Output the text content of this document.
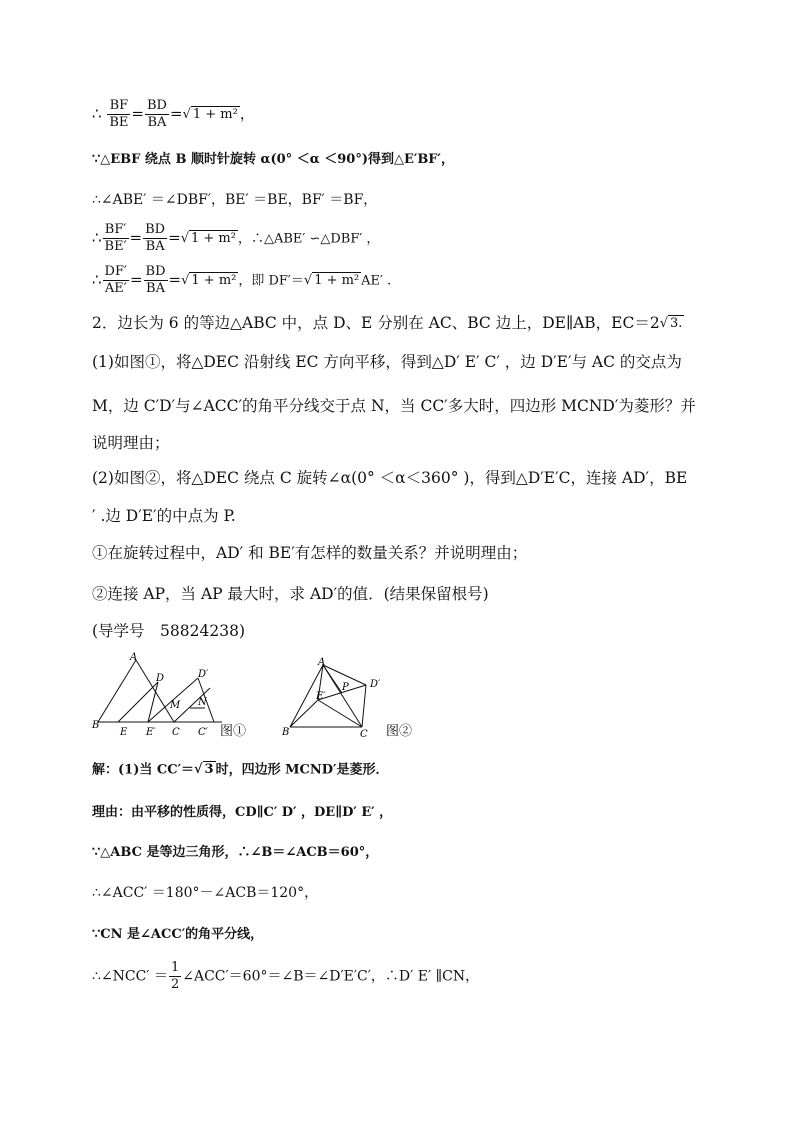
∴ $\frac{BF}{BE} = \frac{BD}{BA}$ =√ 1 + m² ，
∵△EBF 绕点 B 顺时针旋转 α(0° ＜α ＜90°)得到△E′BF′，
∴∠ABE′ ＝∠DBF′，BE′ ＝BE，BF′ ＝BF，
∴ $\frac{BF'}{BE'} = \frac{BD}{BA}$ =√ 1 + m² ，∴△ABE′ ∽△DBF′ ，
∴ $\frac{DF'}{AE'} = \frac{BD}{BA}$ =√ 1 + m² ，即 DF′＝√ 1 + m² AE′ .
2．边长为 6 的等边△ABC 中，点 D、E 分别在 AC、BC 边上，DE∥AB，EC＝2√ 3.
(1)如图①，将△DEC 沿射线 EC 方向平移，得到△D′ E′ C′ ，边 D′E′与 AC 的交点为
M，边 C′D′与∠ACC′的角平分线交于点 N，当 CC′多大时，四边形 MCND′为菱形？并
说明理由；
(2)如图②，将△DEC 绕点 C 旋转∠α(0° ＜α＜360° )，得到△D′E′C，连接 AD′，BE
′ .边 D′E′的中点为 P.
①在旋转过程中，AD′ 和 BE′有怎样的数量关系？并说明理由；
②连接 AP，当 AP 最大时，求 AD′的值．(结果保留根号)
(导学号　58824238)
A
D	D′
M N
B
E E′ C C′ 图①
A
P D′
E′
B	C 图②
解：(1)当 CC′＝√ 3 时，四边形 MCND′是菱形．
理由：由平移的性质得，CD∥C′ D′ ，DE∥D′ E′ ，
∵△ABC 是等边三角形，∴∠B＝∠ACB＝60°，
∴∠ACC′ ＝180°－∠ACB＝120°，
∵CN 是∠ACC′的角平分线，
∴∠NCC′ ＝ $\frac{1}{2}$ ∠ACC′＝60°＝∠B＝∠D′E′C′，∴D′ E′ ∥CN，
